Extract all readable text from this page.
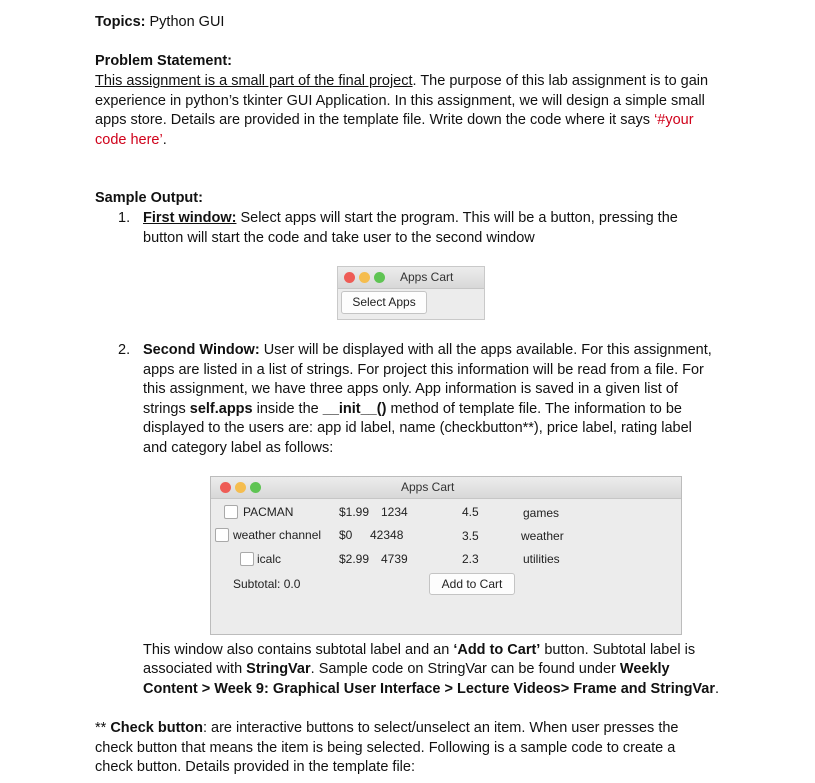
Topics: Python GUI
Problem Statement:
This assignment is a small part of the final project. The purpose of this lab assignment is to gain
experience in python’s tkinter GUI Application. In this assignment, we will design a simple small
apps store. Details are provided in the template file. Write down the code where it says ‘#your
code here’.
Sample Output:
1. First window: Select apps will start the program. This will be a button, pressing the
button will start the code and take user to the second window
Apps Cart
Select Apps
2. Second Window: User will be displayed with all the apps available. For this assignment,
apps are listed in a list of strings. For project this information will be read from a file. For
this assignment, we have three apps only. App information is saved in a given list of
strings self.apps inside the __init__() method of template file. The information to be
displayed to the users are: app id label, name (checkbutton**), price label, rating label
and category label as follows:
Apps Cart
PACMAN	$1.99 1234	4.5	games
weather channel $0 42348	3.5	weather
icalc	$2.99 4739	2.3	utilities
Subtotal: 0.0	Add to Cart
This window also contains subtotal label and an ‘Add to Cart’ button. Subtotal label is
associated with StringVar. Sample code on StringVar can be found under Weekly
Content > Week 9: Graphical User Interface > Lecture Videos> Frame and StringVar.
** Check button: are interactive buttons to select/unselect an item. When user presses the
check button that means the item is being selected. Following is a sample code to create a
check button. Details provided in the template file:
